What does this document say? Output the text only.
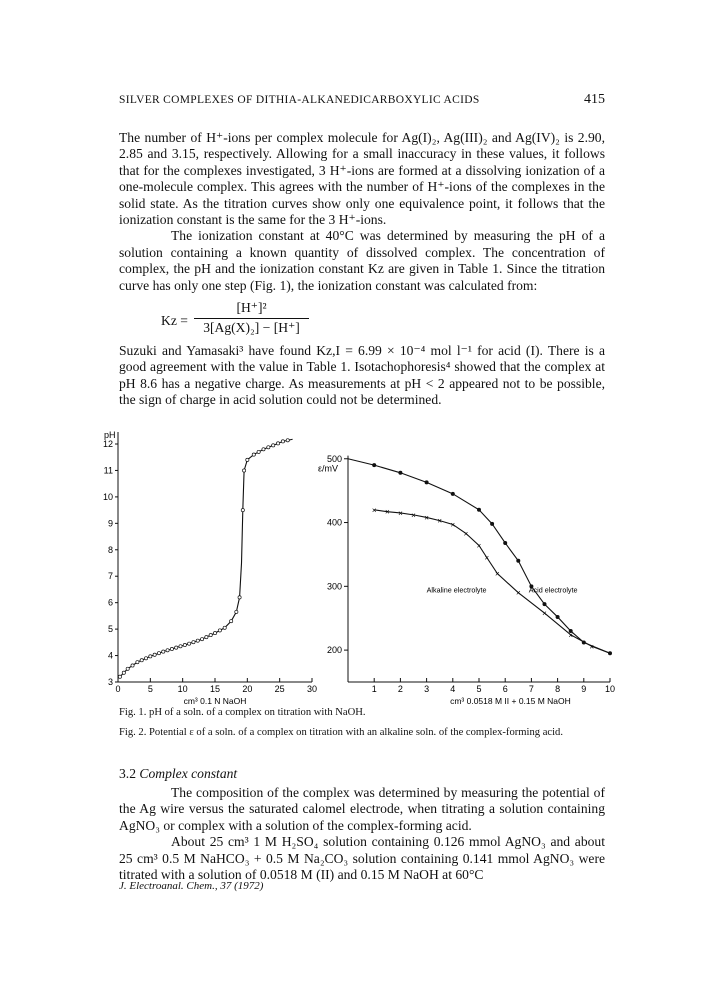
SILVER COMPLEXES OF DITHIA-ALKANEDICARBOXYLIC ACIDS	415

The number of H⁺-ions per complex molecule for Ag(I)₂, Ag(III)₂ and Ag(IV)₂ is 2.90, 2.85 and 3.15, respectively. Allowing for a small inaccuracy in these values, it follows that for the complexes investigated, 3 H⁺-ions are formed at a dissolving ionization of a one-molecule complex. This agrees with the number of H⁺-ions of the complexes in the solid state. As the titration curves show only one equivalence point, it follows that the ionization constant is the same for the 3 H⁺-ions.

The ionization constant at 40°C was determined by measuring the pH of a solution containing a known quantity of dissolved complex. The concentration of complex, the pH and the ionization constant Kz are given in Table 1. Since the titration curve has only one step (Fig. 1), the ionization constant was calculated from:

Kz =
[H⁺]²
3[Ag(X)₂] − [H⁺]

Suzuki and Yamasaki³ have found Kz,I = 6.99 × 10⁻⁴ mol l⁻¹ for acid (I). There is a good agreement with the value in Table 1. Isotachophoresis⁴ showed that the complex at pH 8.6 has a negative charge. As measurements at pH < 2 appeared not to be possible, the sign of charge in acid solution could not be determined.

pH
3
4
5
6
7
8
9
10
11
12
0	5	10 15 20 25 30
cm³ 0.1 N NaOH
ε/mV
200
300
400
500
1 2 3 4 5 6 7 8 9 10
cm³ 0.0518 M II + 0.15 M NaOH
× × × × × × ×
×
×
×
×
×
×
×
×
Alkaline electrolyte	Acid electrolyte
Fig. 1. pH of a soln. of a complex on titration with NaOH.
Fig. 2. Potential ε of a soln. of a complex on titration with an alkaline soln. of the complex-forming acid.
3.2 Complex constant

The composition of the complex was determined by measuring the potential of the Ag wire versus the saturated calomel electrode, when titrating a solution containing AgNO₃ or complex with a solution of the complex-forming acid.

About 25 cm³ 1 M H₂SO₄ solution containing 0.126 mmol AgNO₃ and about 25 cm³ 0.5 M NaHCO₃ + 0.5 M Na₂CO₃ solution containing 0.141 mmol AgNO₃ were titrated with a solution of 0.0518 M (II) and 0.15 M NaOH at 60°C

J. Electroanal. Chem., 37 (1972)
